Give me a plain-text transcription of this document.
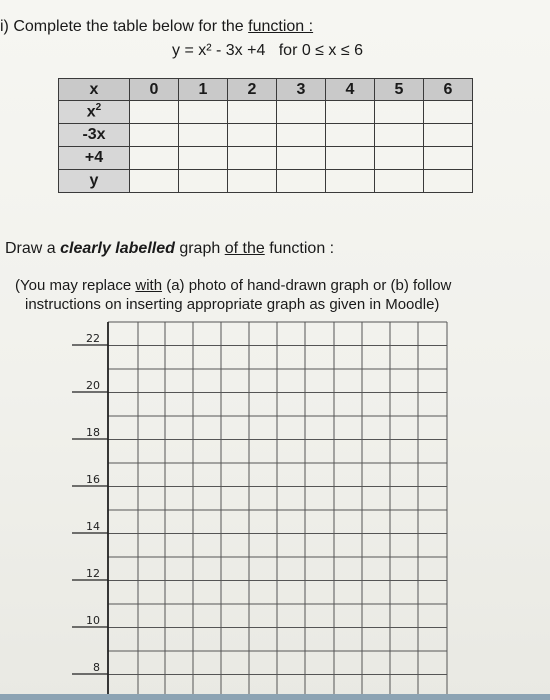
i) Complete the table below for the function :
y = x² - 3x +4 for 0 ≤ x ≤ 6
x	0	1	2	3	4	5	6
$x^2$							
-3x							
+4							
y							
Draw a clearly labelled graph of the function :
(You may replace with (a) photo of hand-drawn graph or (b) follow
instructions on inserting appropriate graph as given in Moodle)
22
20
18
16
14
12
10
8
